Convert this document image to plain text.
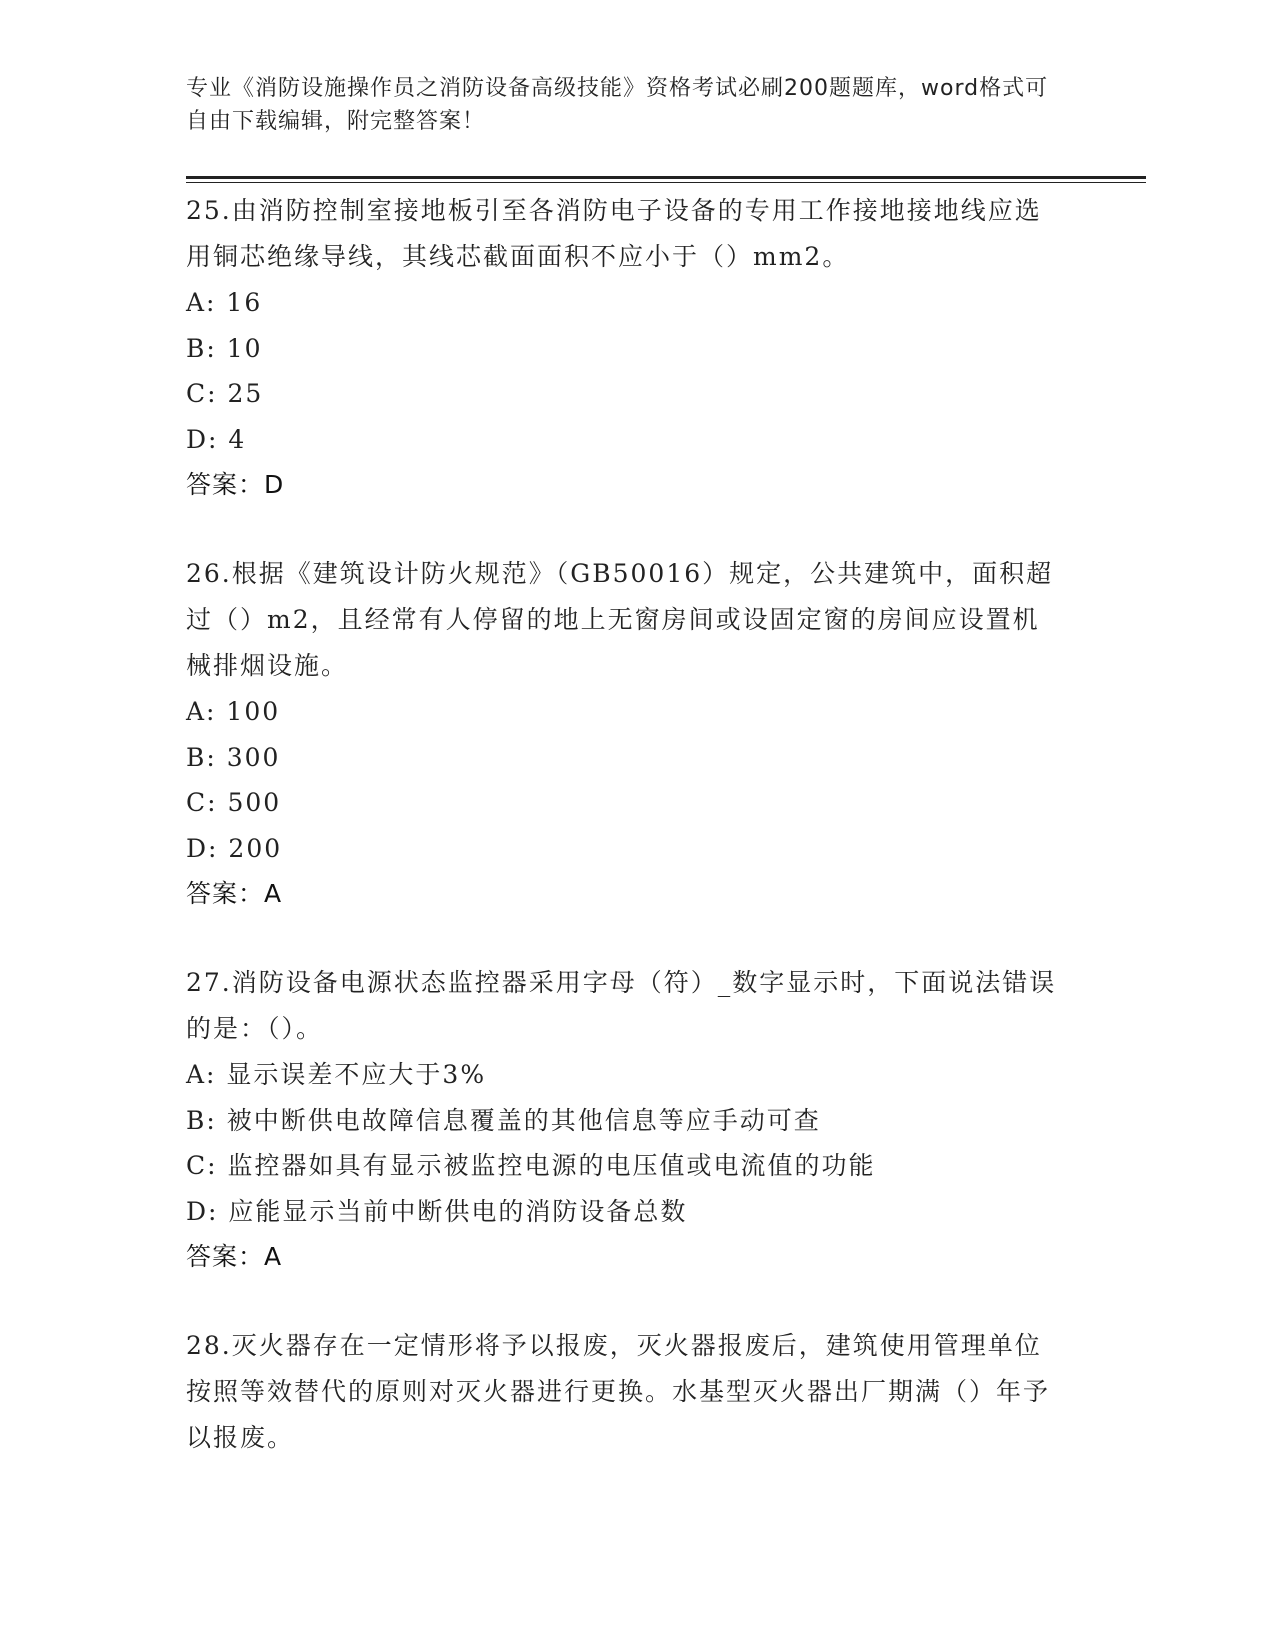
专业《消防设施操作员之消防设备高级技能》资格考试必刷200题题库，word格式可自由下载编辑，附完整答案！

25.由消防控制室接地板引至各消防电子设备的专用工作接地接地线应选用铜芯绝缘导线，其线芯截面面积不应小于（）mm2。

A: 16

B: 10

C: 25

D: 4

答案：D

26.根据《建筑设计防火规范》（GB50016）规定，公共建筑中，面积超过（）m2，且经常有人停留的地上无窗房间或设固定窗的房间应设置机械排烟设施。

A: 100

B: 300

C: 500

D: 200

答案：A

27.消防设备电源状态监控器采用字母（符）_数字显示时，下面说法错误的是：（）。

A: 显示误差不应大于3%

B: 被中断供电故障信息覆盖的其他信息等应手动可查

C: 监控器如具有显示被监控电源的电压值或电流值的功能

D: 应能显示当前中断供电的消防设备总数

答案：A

28.灭火器存在一定情形将予以报废，灭火器报废后，建筑使用管理单位按照等效替代的原则对灭火器进行更换。水基型灭火器出厂期满（）年予以报废。
